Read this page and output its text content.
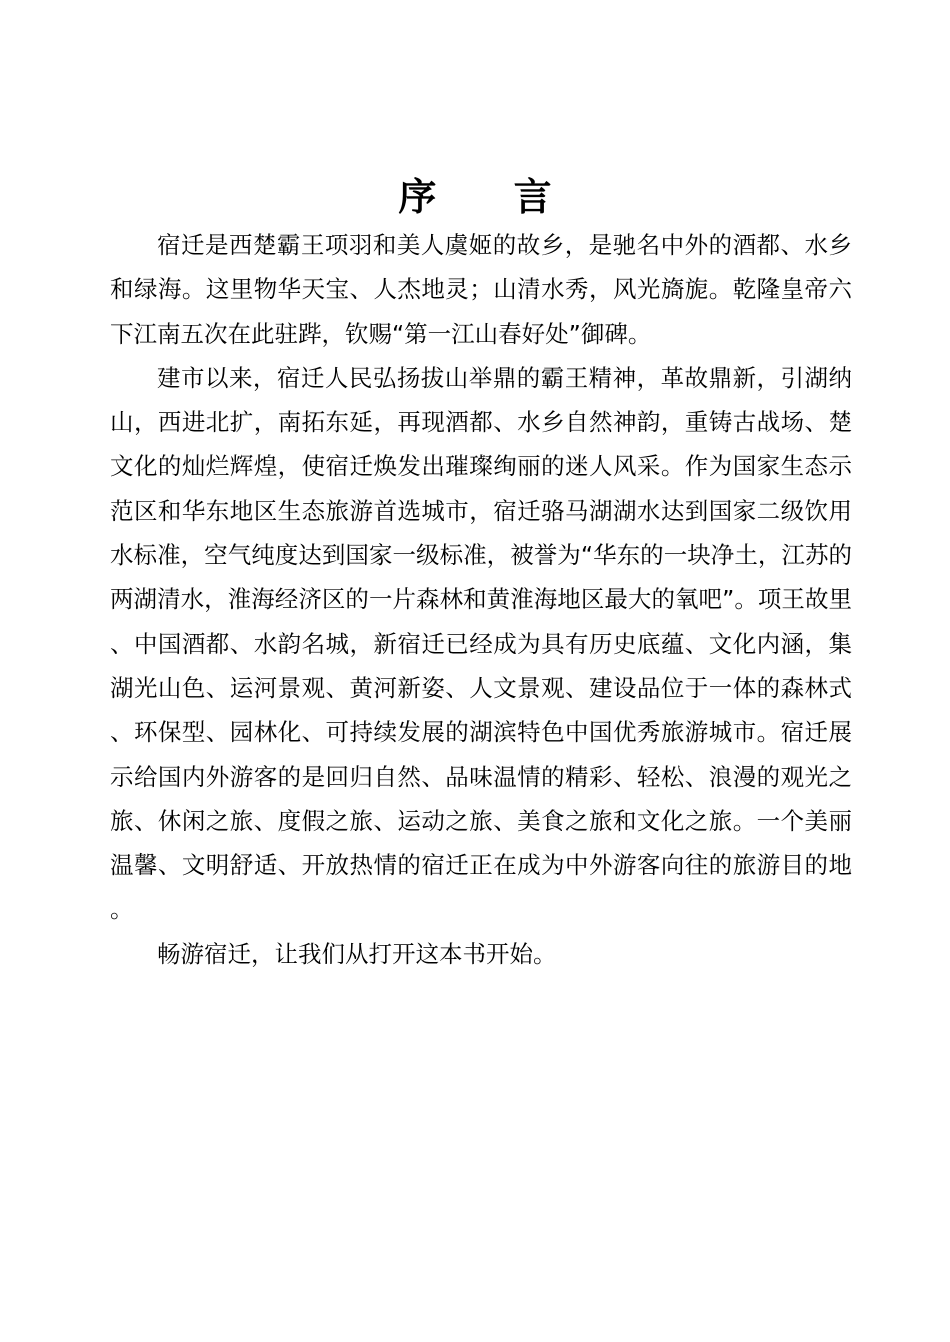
序 言

宿迁是西楚霸王项羽和美人虞姬的故乡，是驰名中外的酒都、水乡和绿海。这里物华天宝、人杰地灵；山清水秀，风光旖旎。乾隆皇帝六下江南五次在此驻跸，钦赐“第一江山春好处”御碑。

建市以来，宿迁人民弘扬拔山举鼎的霸王精神，革故鼎新，引湖纳山，西进北扩，南拓东延，再现酒都、水乡自然神韵，重铸古战场、楚文化的灿烂辉煌，使宿迁焕发出璀璨绚丽的迷人风采。作为国家生态示范区和华东地区生态旅游首选城市，宿迁骆马湖湖水达到国家二级饮用水标准，空气纯度达到国家一级标准，被誉为“华东的一块净土，江苏的两湖清水，淮海经济区的一片森林和黄淮海地区最大的氧吧”。项王故里、中国酒都、水韵名城，新宿迁已经成为具有历史底蕴、文化内涵，集湖光山色、运河景观、黄河新姿、人文景观、建设品位于一体的森林式、环保型、园林化、可持续发展的湖滨特色中国优秀旅游城市。宿迁展示给国内外游客的是回归自然、品味温情的精彩、轻松、浪漫的观光之旅、休闲之旅、度假之旅、运动之旅、美食之旅和文化之旅。一个美丽温馨、文明舒适、开放热情的宿迁正在成为中外游客向往的旅游目的地。

畅游宿迁，让我们从打开这本书开始。
